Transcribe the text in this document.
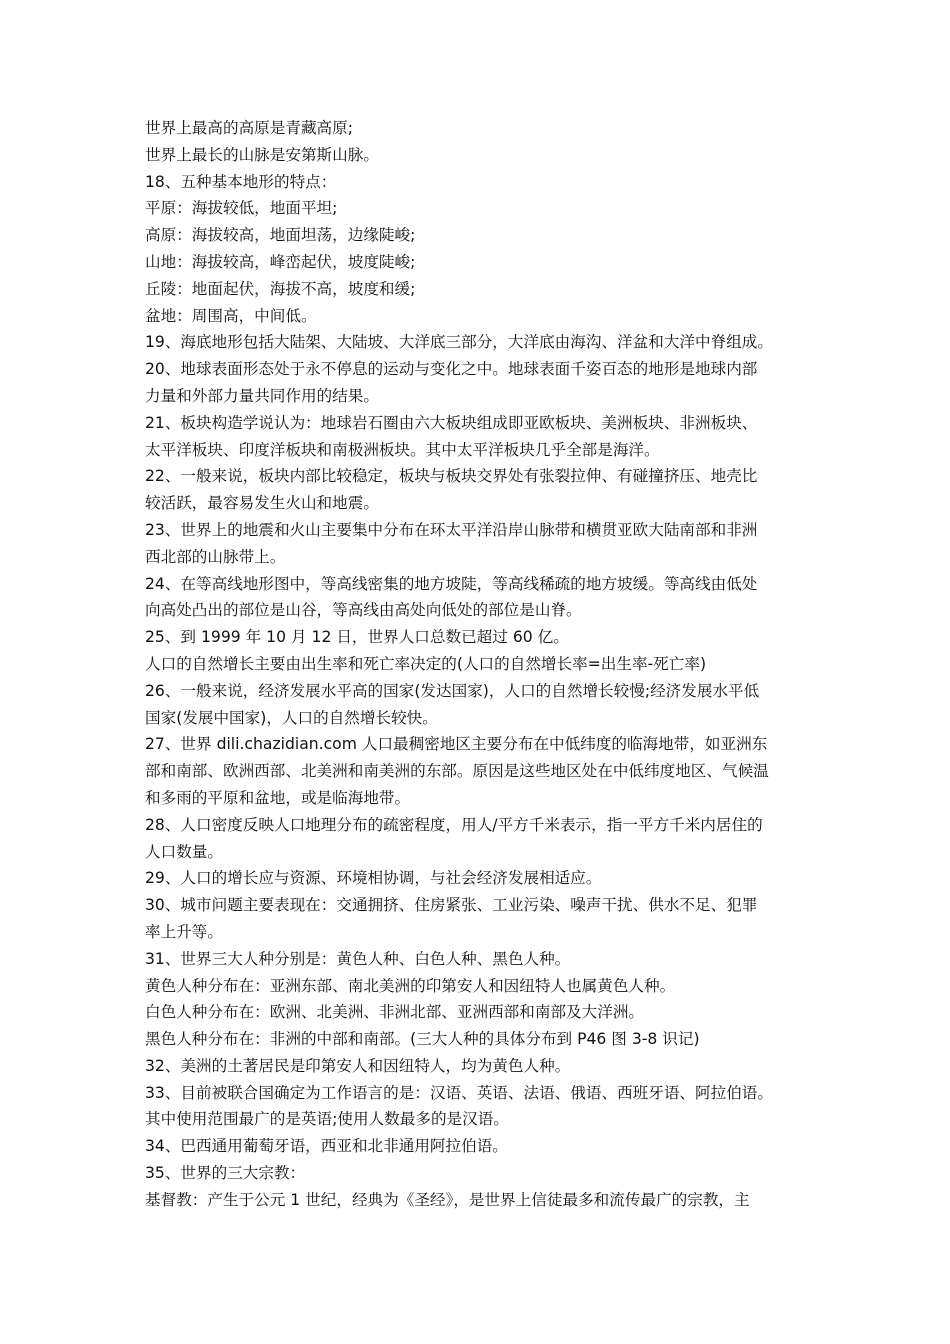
世界上最高的高原是青藏高原;
世界上最长的山脉是安第斯山脉。
18、五种基本地形的特点：
平原：海拔较低，地面平坦;
高原：海拔较高，地面坦荡，边缘陡峻;
山地：海拔较高，峰峦起伏，坡度陡峻;
丘陵：地面起伏，海拔不高，坡度和缓;
盆地：周围高，中间低。
19、海底地形包括大陆架、大陆坡、大洋底三部分，大洋底由海沟、洋盆和大洋中脊组成。
20、地球表面形态处于永不停息的运动与变化之中。地球表面千姿百态的地形是地球内部
力量和外部力量共同作用的结果。
21、板块构造学说认为：地球岩石圈由六大板块组成即亚欧板块、美洲板块、非洲板块、
太平洋板块、印度洋板块和南极洲板块。其中太平洋板块几乎全部是海洋。
22、一般来说，板块内部比较稳定，板块与板块交界处有张裂拉伸、有碰撞挤压、地壳比
较活跃，最容易发生火山和地震。
23、世界上的地震和火山主要集中分布在环太平洋沿岸山脉带和横贯亚欧大陆南部和非洲
西北部的山脉带上。
24、在等高线地形图中，等高线密集的地方坡陡，等高线稀疏的地方坡缓。等高线由低处
向高处凸出的部位是山谷，等高线由高处向低处的部位是山脊。
25、到 1999 年 10 月 12 日，世界人口总数已超过 60 亿。
人口的自然增长主要由出生率和死亡率决定的(人口的自然增长率=出生率-死亡率)
26、一般来说，经济发展水平高的国家(发达国家)，人口的自然增长较慢;经济发展水平低
国家(发展中国家)，人口的自然增长较快。
27、世界 dili.chazidian.com 人口最稠密地区主要分布在中低纬度的临海地带，如亚洲东
部和南部、欧洲西部、北美洲和南美洲的东部。原因是这些地区处在中低纬度地区、气候温
和多雨的平原和盆地，或是临海地带。
28、人口密度反映人口地理分布的疏密程度，用人/平方千米表示，指一平方千米内居住的
人口数量。
29、人口的增长应与资源、环境相协调，与社会经济发展相适应。
30、城市问题主要表现在：交通拥挤、住房紧张、工业污染、噪声干扰、供水不足、犯罪
率上升等。
31、世界三大人种分别是：黄色人种、白色人种、黑色人种。
黄色人种分布在：亚洲东部、南北美洲的印第安人和因纽特人也属黄色人种。
白色人种分布在：欧洲、北美洲、非洲北部、亚洲西部和南部及大洋洲。
黑色人种分布在：非洲的中部和南部。(三大人种的具体分布到 P46 图 3-8 识记)
32、美洲的土著居民是印第安人和因纽特人，均为黄色人种。
33、目前被联合国确定为工作语言的是：汉语、英语、法语、俄语、西班牙语、阿拉伯语。
其中使用范围最广的是英语;使用人数最多的是汉语。
34、巴西通用葡萄牙语，西亚和北非通用阿拉伯语。
35、世界的三大宗教：
基督教：产生于公元 1 世纪，经典为《圣经》，是世界上信徒最多和流传最广的宗教，主
